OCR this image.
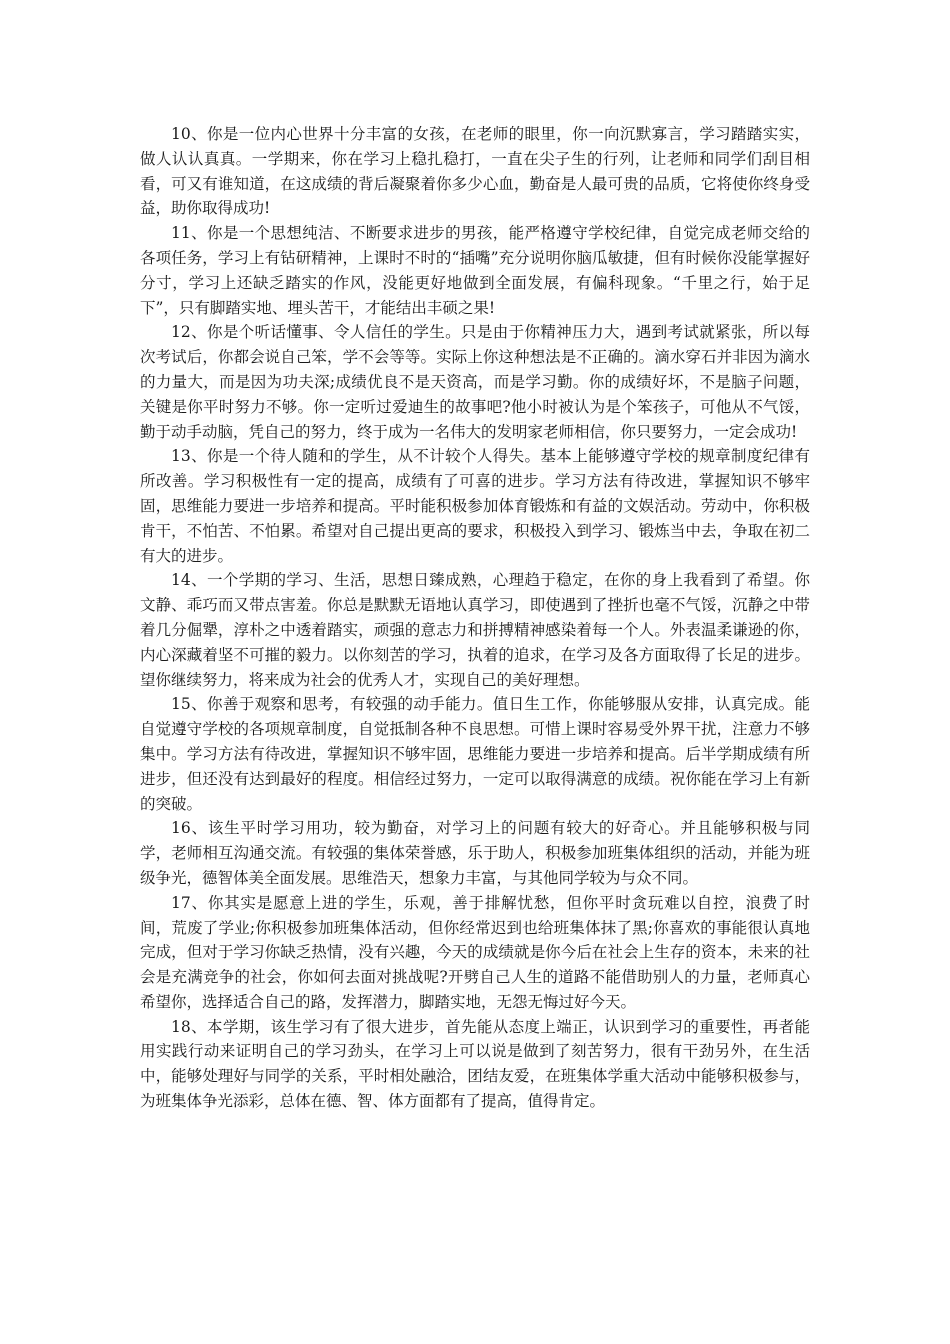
10、你是一位内心世界十分丰富的女孩，在老师的眼里，你一向沉默寡言，学习踏踏实实，做人认认真真。一学期来，你在学习上稳扎稳打，一直在尖子生的行列，让老师和同学们刮目相看，可又有谁知道，在这成绩的背后凝聚着你多少心血，勤奋是人最可贵的品质，它将使你终身受益，助你取得成功!

11、你是一个思想纯洁、不断要求进步的男孩，能严格遵守学校纪律，自觉完成老师交给的各项任务，学习上有钻研精神，上课时不时的“插嘴”充分说明你脑瓜敏捷，但有时候你没能掌握好分寸，学习上还缺乏踏实的作风，没能更好地做到全面发展，有偏科现象。“千里之行，始于足下”，只有脚踏实地、埋头苦干，才能结出丰硕之果!

12、你是个听话懂事、令人信任的学生。只是由于你精神压力大，遇到考试就紧张，所以每次考试后，你都会说自己笨，学不会等等。实际上你这种想法是不正确的。滴水穿石并非因为滴水的力量大，而是因为功夫深;成绩优良不是天资高，而是学习勤。你的成绩好坏，不是脑子问题，关键是你平时努力不够。你一定听过爱迪生的故事吧?他小时被认为是个笨孩子，可他从不气馁，勤于动手动脑，凭自己的努力，终于成为一名伟大的发明家老师相信，你只要努力，一定会成功!

13、你是一个待人随和的学生，从不计较个人得失。基本上能够遵守学校的规章制度纪律有所改善。学习积极性有一定的提高，成绩有了可喜的进步。学习方法有待改进，掌握知识不够牢固，思维能力要进一步培养和提高。平时能积极参加体育锻炼和有益的文娱活动。劳动中，你积极肯干，不怕苦、不怕累。希望对自己提出更高的要求，积极投入到学习、锻炼当中去，争取在初二有大的进步。

14、一个学期的学习、生活，思想日臻成熟，心理趋于稳定，在你的身上我看到了希望。你文静、乖巧而又带点害羞。你总是默默无语地认真学习，即使遇到了挫折也毫不气馁，沉静之中带着几分倔犟，淳朴之中透着踏实，顽强的意志力和拼搏精神感染着每一个人。外表温柔谦逊的你，内心深藏着坚不可摧的毅力。以你刻苦的学习，执着的追求，在学习及各方面取得了长足的进步。望你继续努力，将来成为社会的优秀人才，实现自己的美好理想。

15、你善于观察和思考，有较强的动手能力。值日生工作，你能够服从安排，认真完成。能自觉遵守学校的各项规章制度，自觉抵制各种不良思想。可惜上课时容易受外界干扰，注意力不够集中。学习方法有待改进，掌握知识不够牢固，思维能力要进一步培养和提高。后半学期成绩有所进步，但还没有达到最好的程度。相信经过努力，一定可以取得满意的成绩。祝你能在学习上有新的突破。

16、该生平时学习用功，较为勤奋，对学习上的问题有较大的好奇心。并且能够积极与同学，老师相互沟通交流。有较强的集体荣誉感，乐于助人，积极参加班集体组织的活动，并能为班级争光，德智体美全面发展。思维浩天，想象力丰富，与其他同学较为与众不同。

17、你其实是愿意上进的学生，乐观，善于排解忧愁，但你平时贪玩难以自控，浪费了时间，荒废了学业;你积极参加班集体活动，但你经常迟到也给班集体抹了黑;你喜欢的事能很认真地完成，但对于学习你缺乏热情，没有兴趣，今天的成绩就是你今后在社会上生存的资本，未来的社会是充满竞争的社会，你如何去面对挑战呢?开劈自己人生的道路不能借助别人的力量，老师真心希望你，选择适合自己的路，发挥潜力，脚踏实地，无怨无悔过好今天。

18、本学期，该生学习有了很大进步，首先能从态度上端正，认识到学习的重要性，再者能用实践行动来证明自己的学习劲头，在学习上可以说是做到了刻苦努力，很有干劲另外，在生活中，能够处理好与同学的关系，平时相处融洽，团结友爱，在班集体学重大活动中能够积极参与，为班集体争光添彩，总体在德、智、体方面都有了提高，值得肯定。
